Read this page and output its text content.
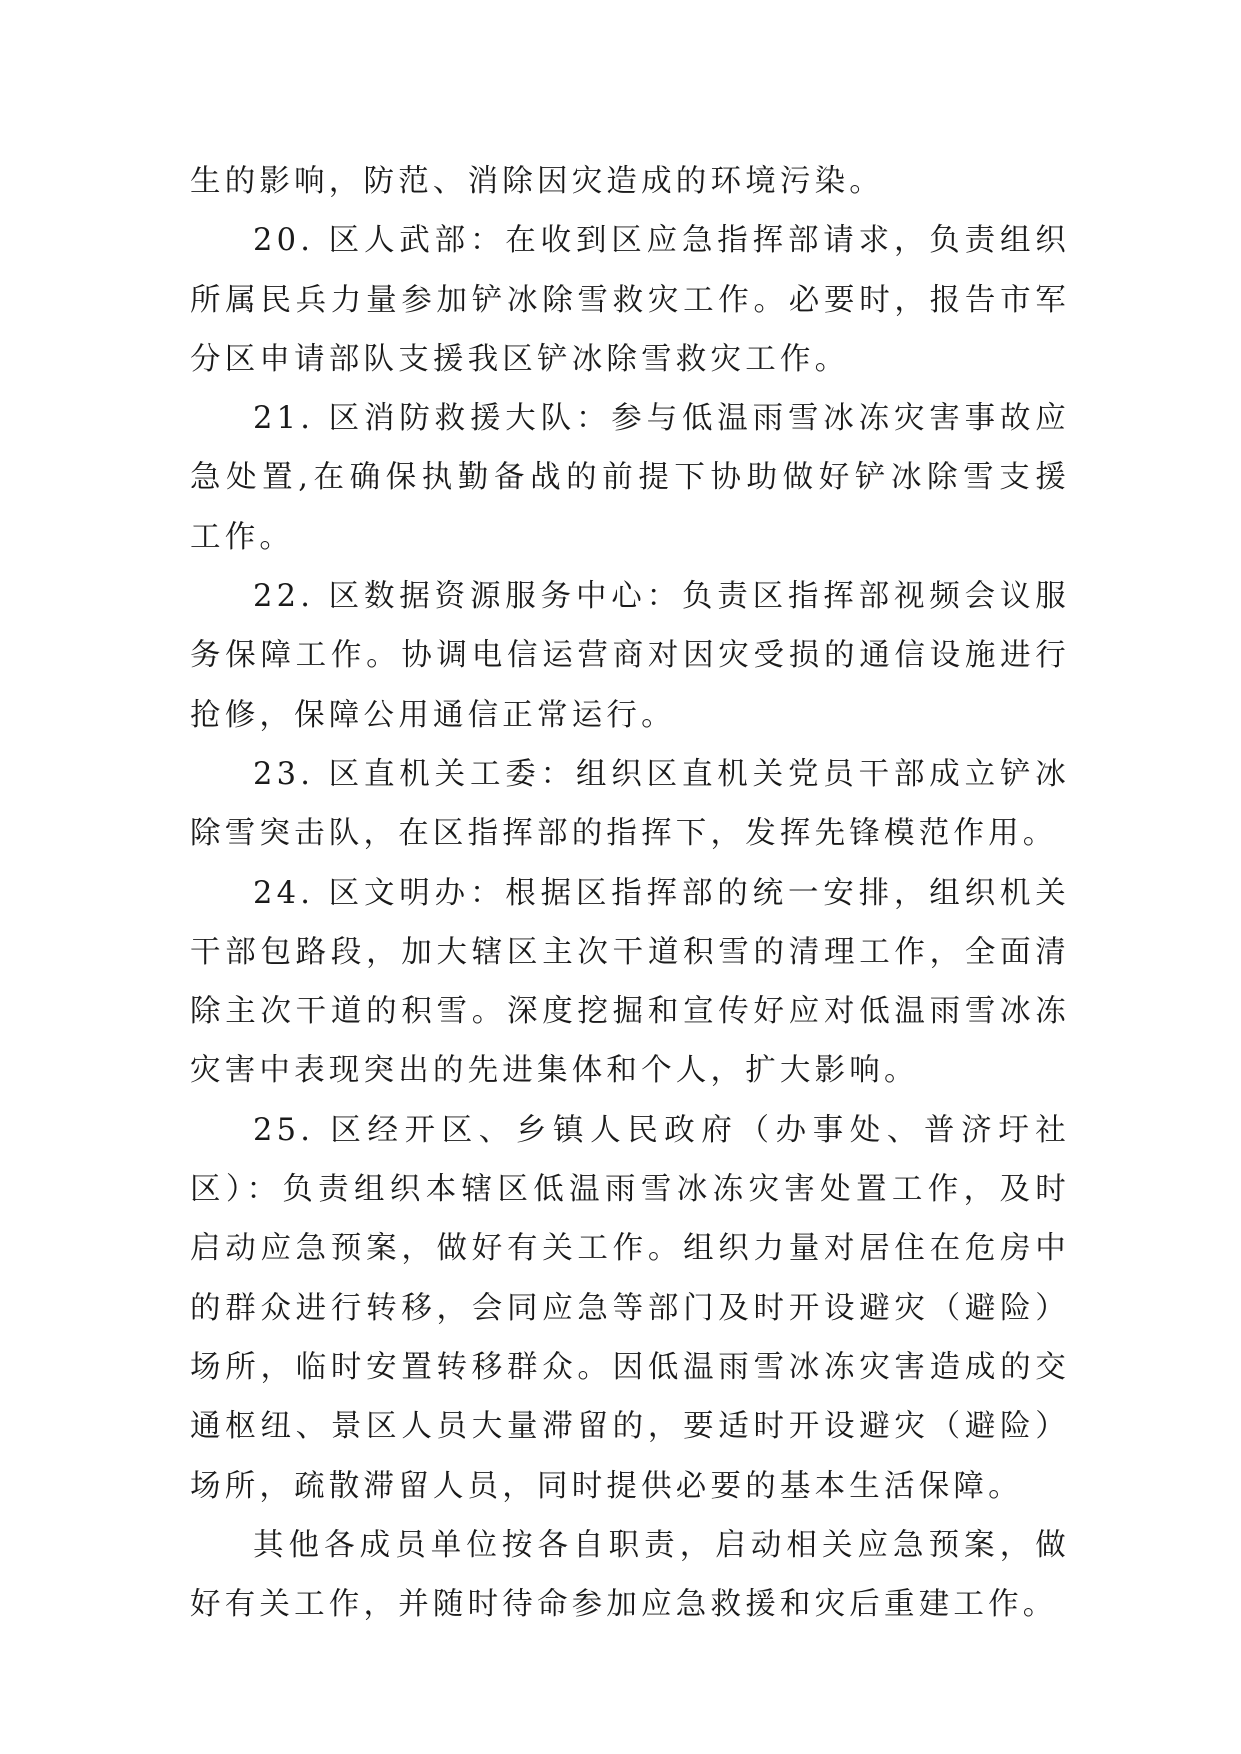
生的影响，防范、消除因灾造成的环境污染。

20. 区人武部：在收到区应急指挥部请求，负责组织所属民兵力量参加铲冰除雪救灾工作。必要时，报告市军分区申请部队支援我区铲冰除雪救灾工作。

21. 区消防救援大队：参与低温雨雪冰冻灾害事故应急处置,在确保执勤备战的前提下协助做好铲冰除雪支援工作。

22. 区数据资源服务中心：负责区指挥部视频会议服务保障工作。协调电信运营商对因灾受损的通信设施进行抢修，保障公用通信正常运行。

23. 区直机关工委：组织区直机关党员干部成立铲冰除雪突击队，在区指挥部的指挥下，发挥先锋模范作用。

24. 区文明办：根据区指挥部的统一安排，组织机关干部包路段，加大辖区主次干道积雪的清理工作，全面清除主次干道的积雪。深度挖掘和宣传好应对低温雨雪冰冻灾害中表现突出的先进集体和个人，扩大影响。

25. 区经开区、乡镇人民政府（办事处、普济圩社区）：负责组织本辖区低温雨雪冰冻灾害处置工作，及时启动应急预案，做好有关工作。组织力量对居住在危房中的群众进行转移，会同应急等部门及时开设避灾（避险）场所，临时安置转移群众。因低温雨雪冰冻灾害造成的交通枢纽、景区人员大量滞留的，要适时开设避灾（避险）场所，疏散滞留人员，同时提供必要的基本生活保障。

其他各成员单位按各自职责，启动相关应急预案，做好有关工作，并随时待命参加应急救援和灾后重建工作。
